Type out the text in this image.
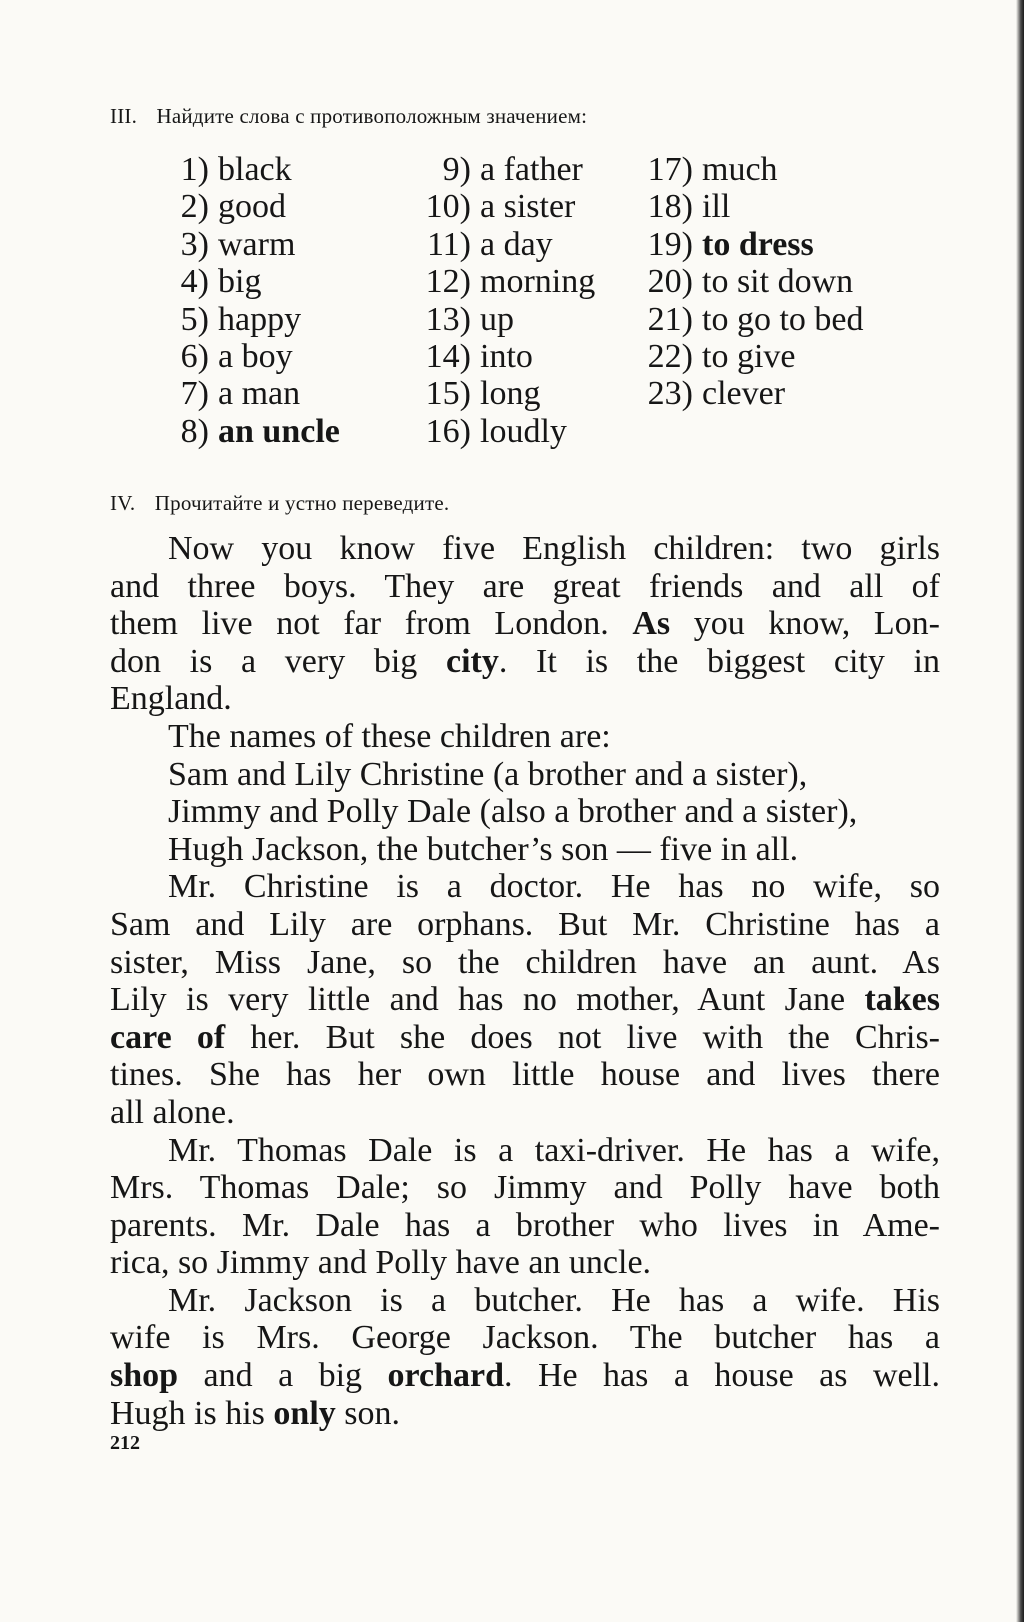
III. Найдите слова с противоположным значением:
1) black
2) good
3) warm
4) big
5) happy
6) a boy
7) a man
8) an uncle
9) a father
10) a sister
11) a day
12) morning
13) up
14) into
15) long
16) loudly
17) much
18) ill
19) to dress
20) to sit down
21) to go to bed
22) to give
23) clever
IV. Прочитайте и устно переведите.
Now you know five English children: two girls
and three boys. They are great friends and all of
them live not far from London. As you know, Lon-
don is a very big city. It is the biggest city in
England.
The names of these children are:
Sam and Lily Christine (a brother and a sister),
Jimmy and Polly Dale (also a brother and a sister),
Hugh Jackson, the butcher’s son — five in all.
Mr. Christine is a doctor. He has no wife, so
Sam and Lily are orphans. But Mr. Christine has a
sister, Miss Jane, so the children have an aunt. As
Lily is very little and has no mother, Aunt Jane takes
care of her. But she does not live with the Chris-
tines. She has her own little house and lives there
all alone.
Mr. Thomas Dale is a taxi-driver. He has a wife,
Mrs. Thomas Dale; so Jimmy and Polly have both
parents. Mr. Dale has a brother who lives in Ame-
rica, so Jimmy and Polly have an uncle.
Mr. Jackson is a butcher. He has a wife. His
wife is Mrs. George Jackson. The butcher has a
shop and a big orchard. He has a house as well.
Hugh is his only son.
212
